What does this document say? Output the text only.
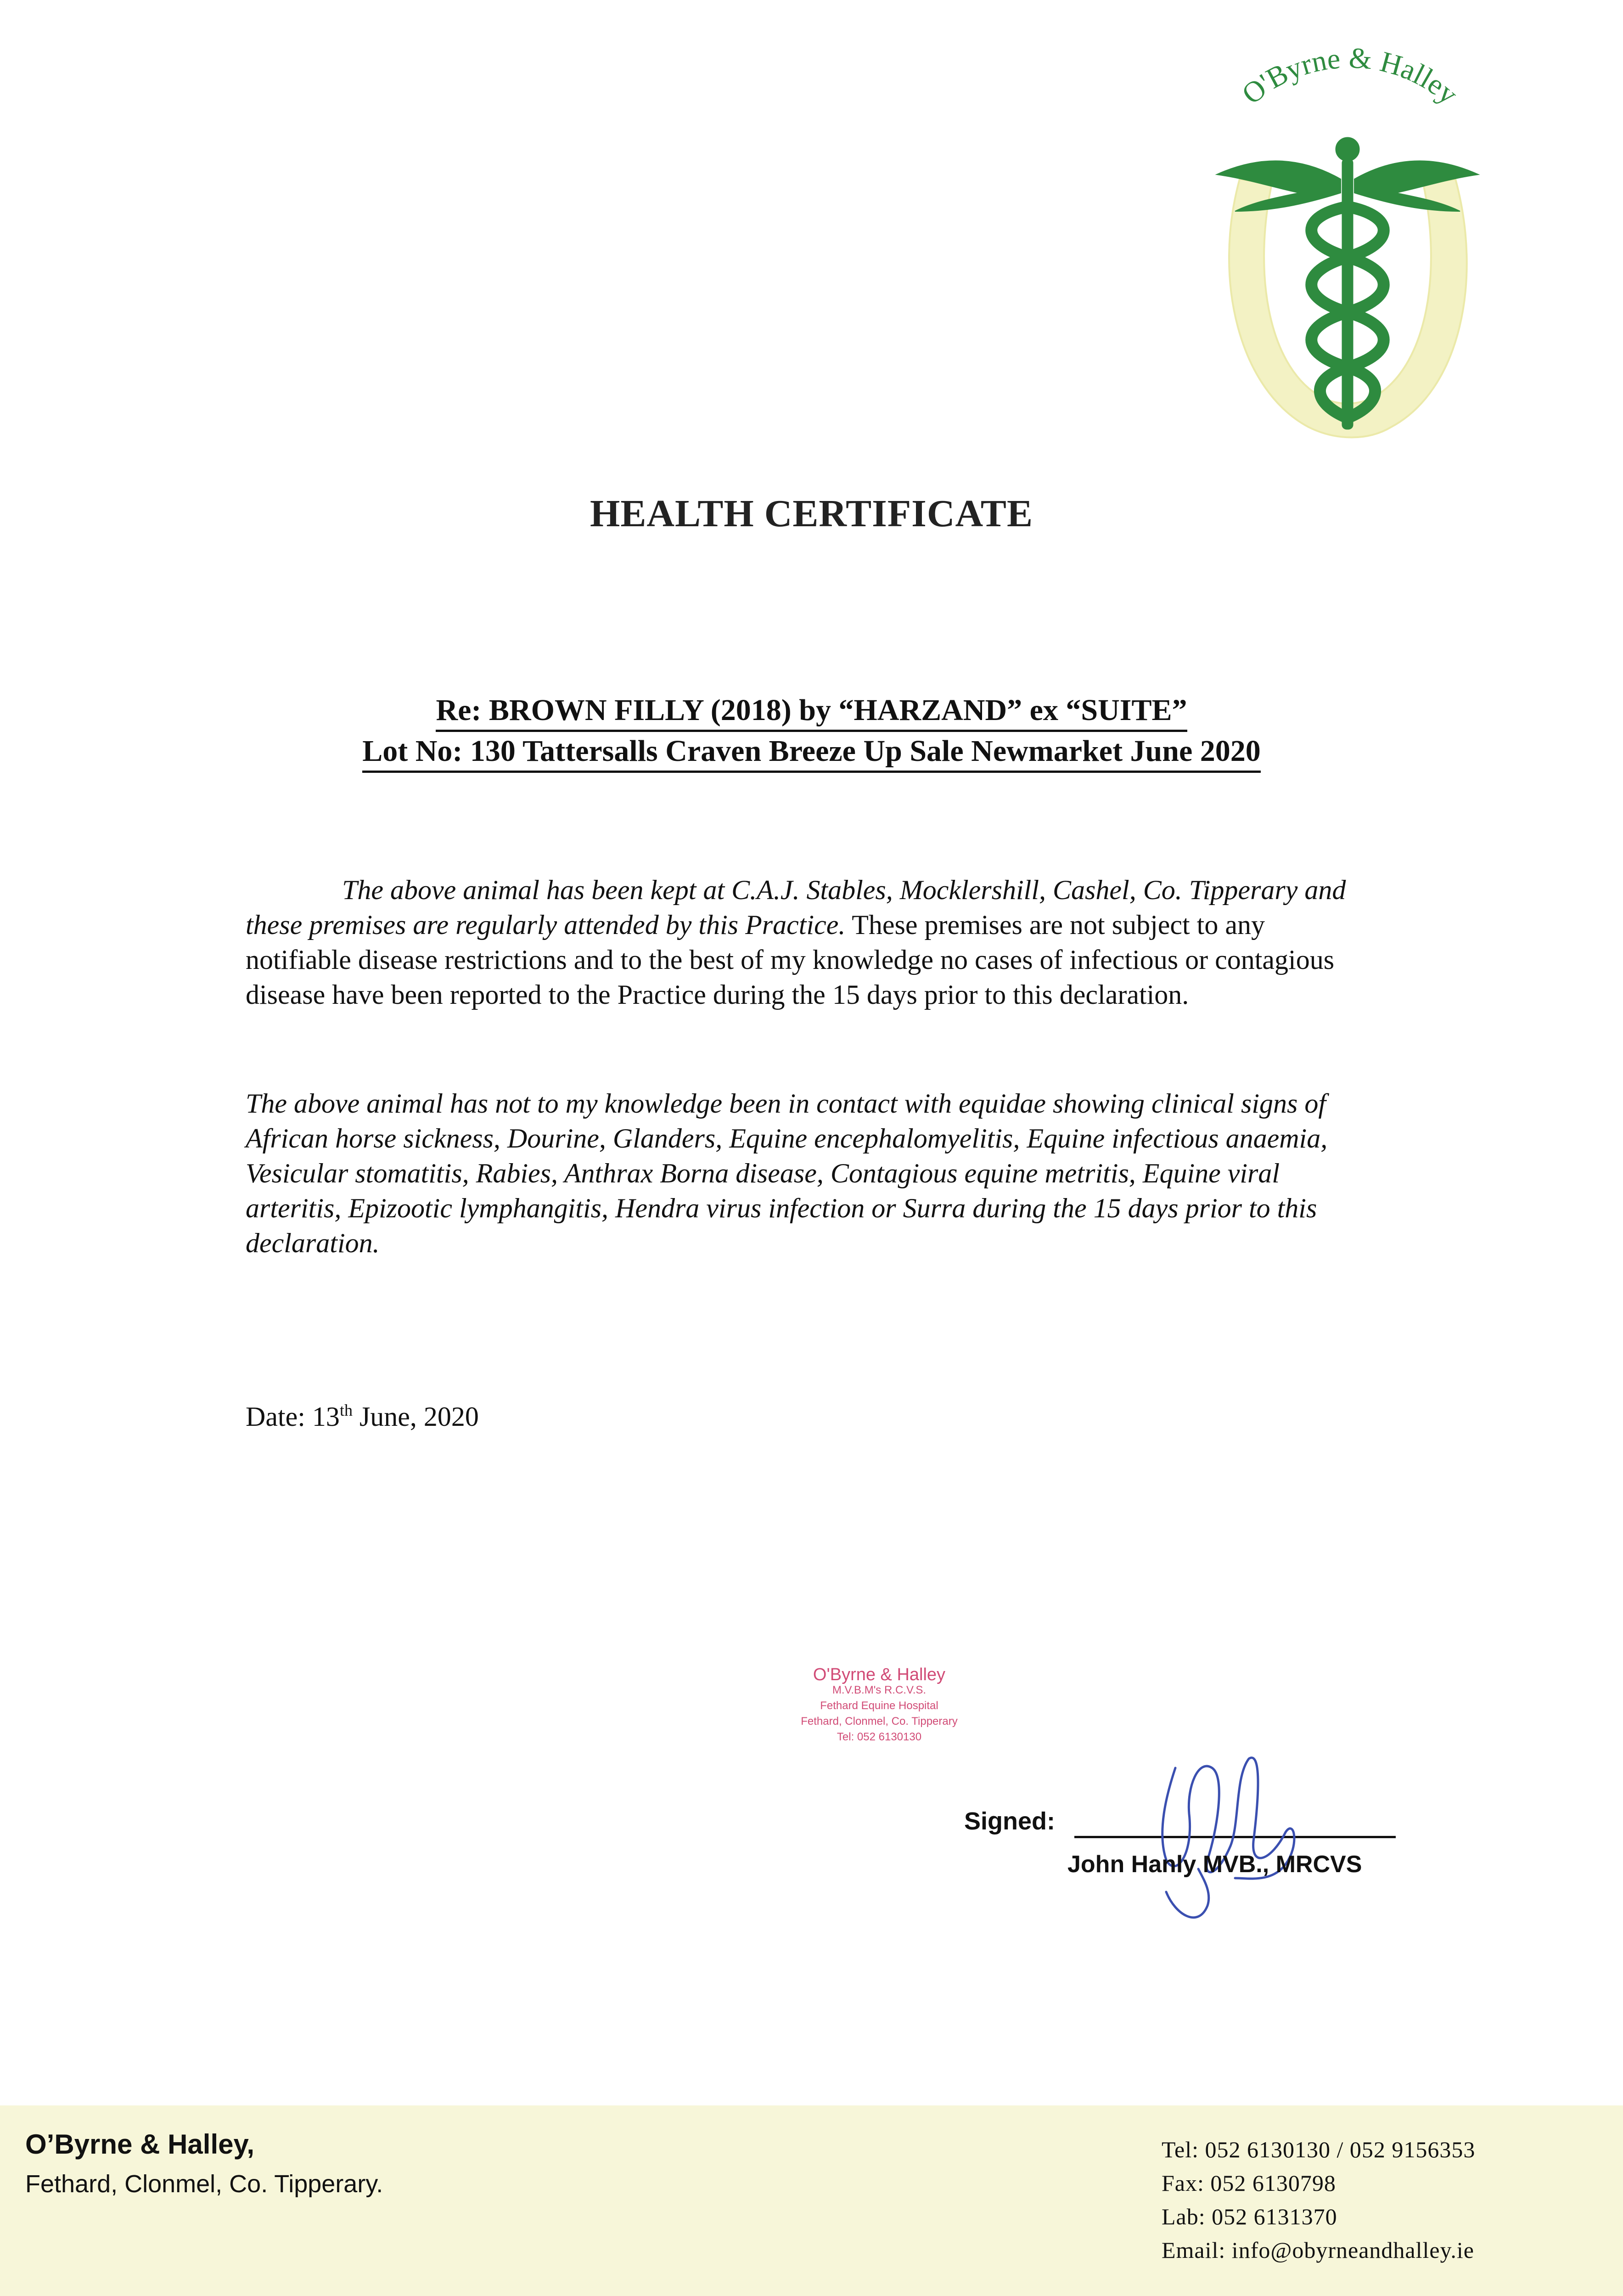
O'Byrne & Halley
HEALTH CERTIFICATE
Re: BROWN FILLY (2018) by “HARZAND” ex “SUITE”
Lot No: 130 Tattersalls Craven Breeze Up Sale Newmarket June 2020
The above animal has been kept at C.A.J. Stables, Mocklershill, Cashel, Co. Tipperary and these premises are regularly attended by this Practice. These premises are not subject to any notifiable disease restrictions and to the best of my knowledge no cases of infectious or contagious disease have been reported to the Practice during the 15 days prior to this declaration.
The above animal has not to my knowledge been in contact with equidae showing clinical signs of African horse sickness, Dourine, Glanders, Equine encephalomyelitis, Equine infectious anaemia, Vesicular stomatitis, Rabies, Anthrax Borna disease, Contagious equine metritis, Equine viral arteritis, Epizootic lymphangitis, Hendra virus infection or Surra during the 15 days prior to this declaration.
Date: 13th June, 2020
O'Byrne & Halley
M.V.B.M's R.C.V.S.
Fethard Equine Hospital
Fethard, Clonmel, Co. Tipperary
Tel: 052 6130130
Signed:
John Hanly MVB., MRCVS
O’Byrne & Halley,
Fethard, Clonmel, Co. Tipperary.
Tel: 052 6130130 / 052 9156353
Fax: 052 6130798
Lab: 052 6131370
Email: info@obyrneandhalley.ie
